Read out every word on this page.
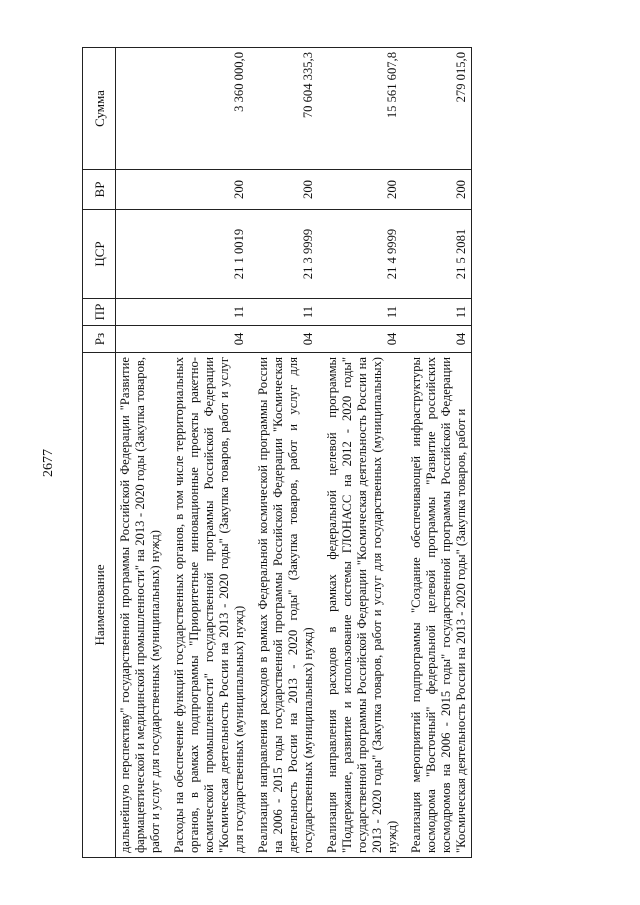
2677
Наименование	Рз	ПР	ЦСР	ВР	Сумма
дальнейшую перспективу" государственной программы Российской Федерации "Развитие фармацевтической и медицинской промышленности" на 2013 - 2020 годы (Закупка товаров, работ и услуг для государственных (муниципальных) нужд)					
Расходы на обеспечение функций государственных органов, в том числе территориальных органов, в рамках подпрограммы "Приоритетные инновационные проекты ракетно-космической промышленности" государственной программы Российской Федерации "Космическая деятельность России на 2013 - 2020 годы" (Закупка товаров, работ и услуг для государственных (муниципальных) нужд)	04	11	21 1 0019	200	3 360 000,0
Реализация направления расходов в рамках Федеральной космической программы России на 2006 - 2015 годы государственной программы Российской Федерации "Космическая деятельность России на 2013 - 2020 годы" (Закупка товаров, работ и услуг для государственных (муниципальных) нужд)	04	11	21 3 9999	200	70 604 335,3
Реализация направления расходов в рамках федеральной целевой программы "Поддержание, развитие и использование системы ГЛОНАСС на 2012 - 2020 годы" государственной программы Российской Федерации "Космическая деятельность России на 2013 - 2020 годы" (Закупка товаров, работ и услуг для государственных (муниципальных) нужд)	04	11	21 4 9999	200	15 561 607,8
Реализация мероприятий подпрограммы "Создание обеспечивающей инфраструктуры космодрома "Восточный" федеральной целевой программы "Развитие российских космодромов на 2006 - 2015 годы" государственной программы Российской Федерации "Космическая деятельность России на 2013 - 2020 годы" (Закупка товаров, работ и	04	11	21 5 2081	200	279 015,0
